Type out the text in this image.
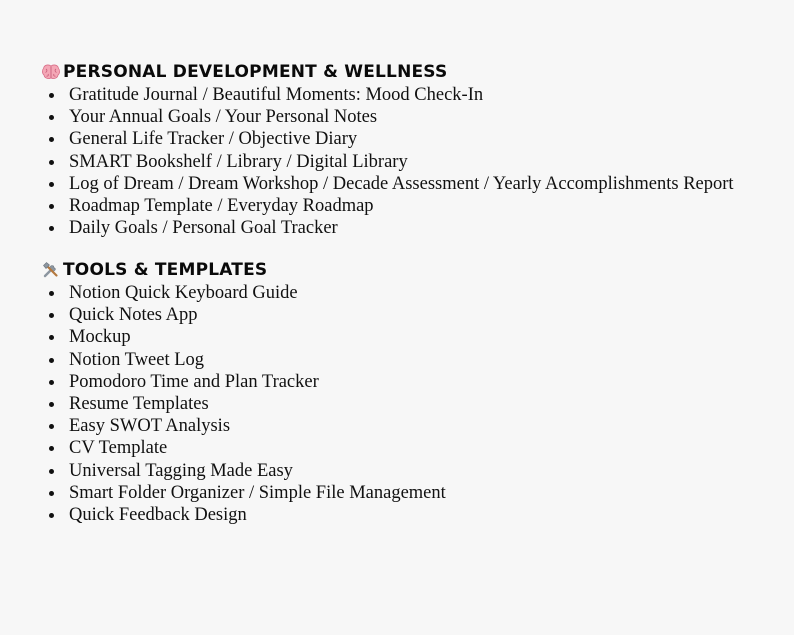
PERSONAL DEVELOPMENT & WELLNESS
Gratitude Journal / Beautiful Moments: Mood Check-In
Your Annual Goals / Your Personal Notes
General Life Tracker / Objective Diary
SMART Bookshelf / Library / Digital Library
Log of Dream / Dream Workshop / Decade Assessment / Yearly Accomplishments Report
Roadmap Template / Everyday Roadmap
Daily Goals / Personal Goal Tracker
TOOLS & TEMPLATES
Notion Quick Keyboard Guide
Quick Notes App
Mockup
Notion Tweet Log
Pomodoro Time and Plan Tracker
Resume Templates
Easy SWOT Analysis
CV Template
Universal Tagging Made Easy
Smart Folder Organizer / Simple File Management
Quick Feedback Design
